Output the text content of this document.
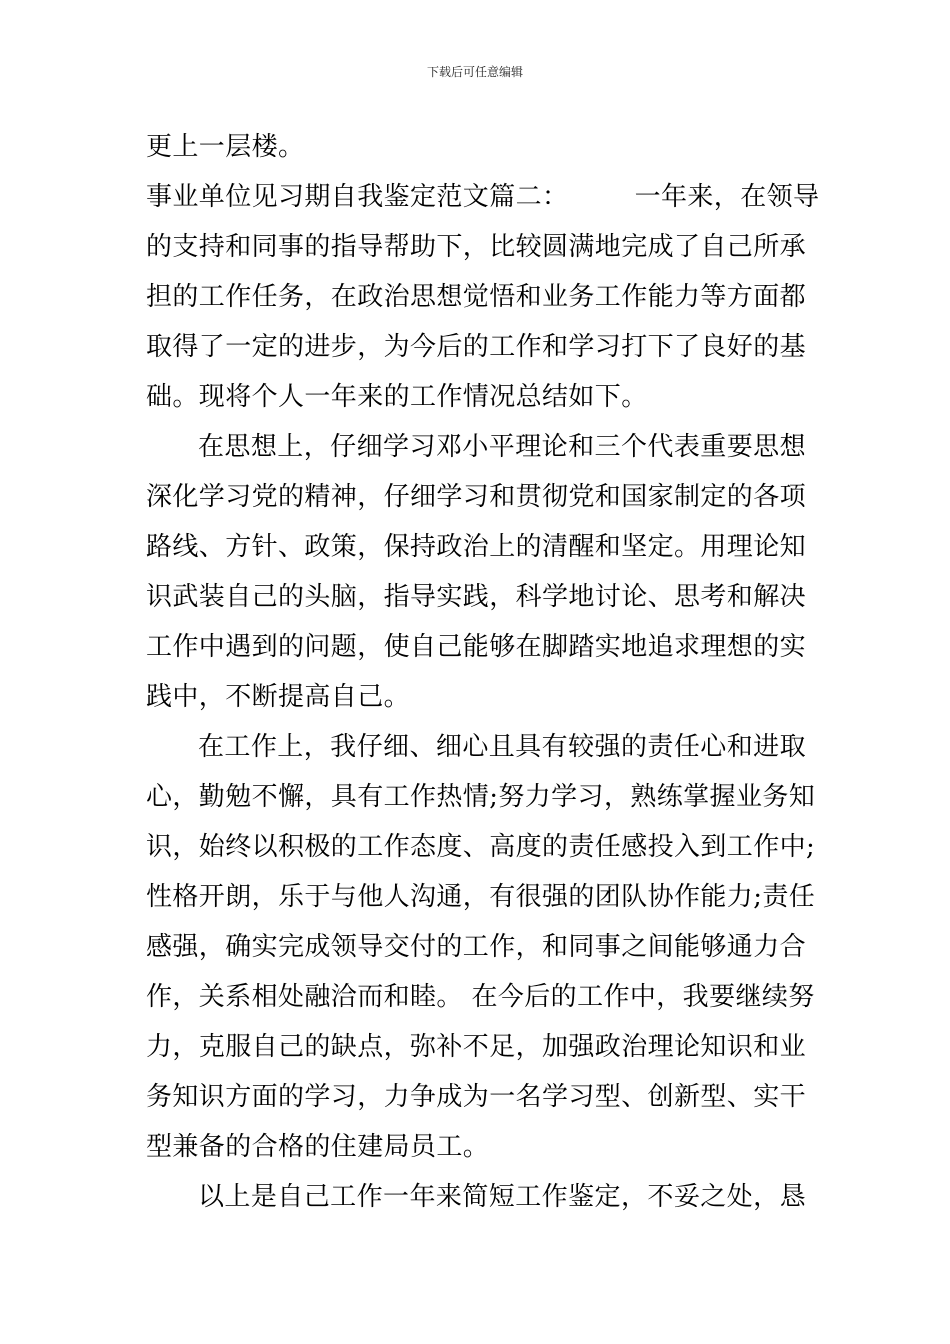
下载后可任意编辑
更上一层楼。
事业单位见习期自我鉴定范文篇二：　　　一年来，在领导
的支持和同事的指导帮助下，比较圆满地完成了自己所承
担的工作任务，在政治思想觉悟和业务工作能力等方面都
取得了一定的进步，为今后的工作和学习打下了良好的基
础。现将个人一年来的工作情况总结如下。
在思想上，仔细学习邓小平理论和三个代表重要思想
深化学习党的精神，仔细学习和贯彻党和国家制定的各项
路线、方针、政策，保持政治上的清醒和坚定。用理论知
识武装自己的头脑，指导实践，科学地讨论、思考和解决
工作中遇到的问题，使自己能够在脚踏实地追求理想的实
践中，不断提高自己。
在工作上，我仔细、细心且具有较强的责任心和进取
心，勤勉不懈，具有工作热情;努力学习，熟练掌握业务知
识，始终以积极的工作态度、高度的责任感投入到工作中;
性格开朗，乐于与他人沟通，有很强的团队协作能力;责任
感强，确实完成领导交付的工作，和同事之间能够通力合
作，关系相处融洽而和睦。 在今后的工作中，我要继续努
力，克服自己的缺点，弥补不足，加强政治理论知识和业
务知识方面的学习，力争成为一名学习型、创新型、实干
型兼备的合格的住建局员工。
以上是自己工作一年来简短工作鉴定，不妥之处，恳
